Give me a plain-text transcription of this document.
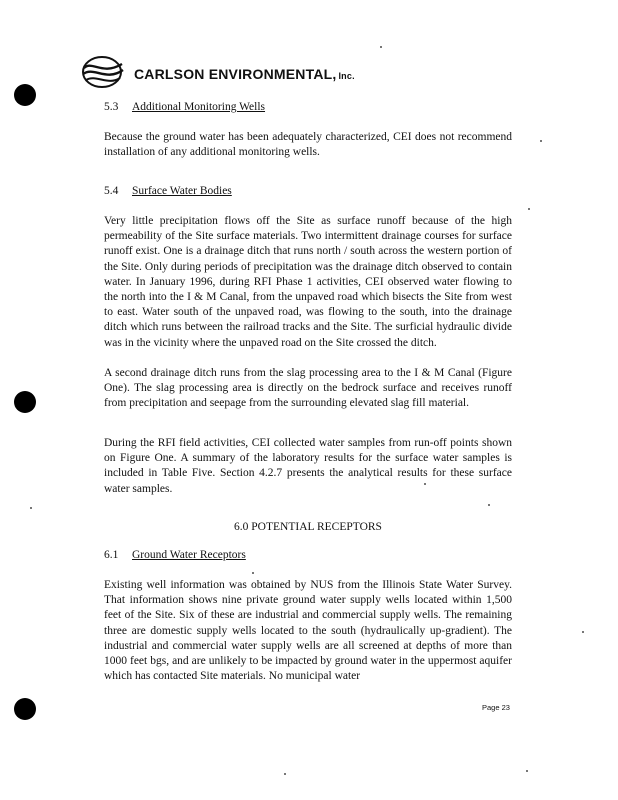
CARLSON ENVIRONMENTAL, Inc.
5.3 Additional Monitoring Wells
Because the ground water has been adequately characterized, CEI does not recommend installation of any additional monitoring wells.
5.4 Surface Water Bodies
Very little precipitation flows off the Site as surface runoff because of the high permeability of the Site surface materials. Two intermittent drainage courses for surface runoff exist. One is a drainage ditch that runs north / south across the western portion of the Site. Only during periods of precipitation was the drainage ditch observed to contain water. In January 1996, during RFI Phase 1 activities, CEI observed water flowing to the north into the I & M Canal, from the unpaved road which bisects the Site from west to east. Water south of the unpaved road, was flowing to the south, into the drainage ditch which runs between the railroad tracks and the Site. The surficial hydraulic divide was in the vicinity where the unpaved road on the Site crossed the ditch.
A second drainage ditch runs from the slag processing area to the I & M Canal (Figure One). The slag processing area is directly on the bedrock surface and receives runoff from precipitation and seepage from the surrounding elevated slag fill material.
During the RFI field activities, CEI collected water samples from run-off points shown on Figure One. A summary of the laboratory results for the surface water samples is included in Table Five. Section 4.2.7 presents the analytical results for these surface water samples.
6.0 POTENTIAL RECEPTORS
6.1 Ground Water Receptors
Existing well information was obtained by NUS from the Illinois State Water Survey. That information shows nine private ground water supply wells located within 1,500 feet of the Site. Six of these are industrial and commercial supply wells. The remaining three are domestic supply wells located to the south (hydraulically up-gradient). The industrial and commercial water supply wells are all screened at depths of more than 1000 feet bgs, and are unlikely to be impacted by ground water in the uppermost aquifer which has contacted Site materials. No municipal water
Page 23
